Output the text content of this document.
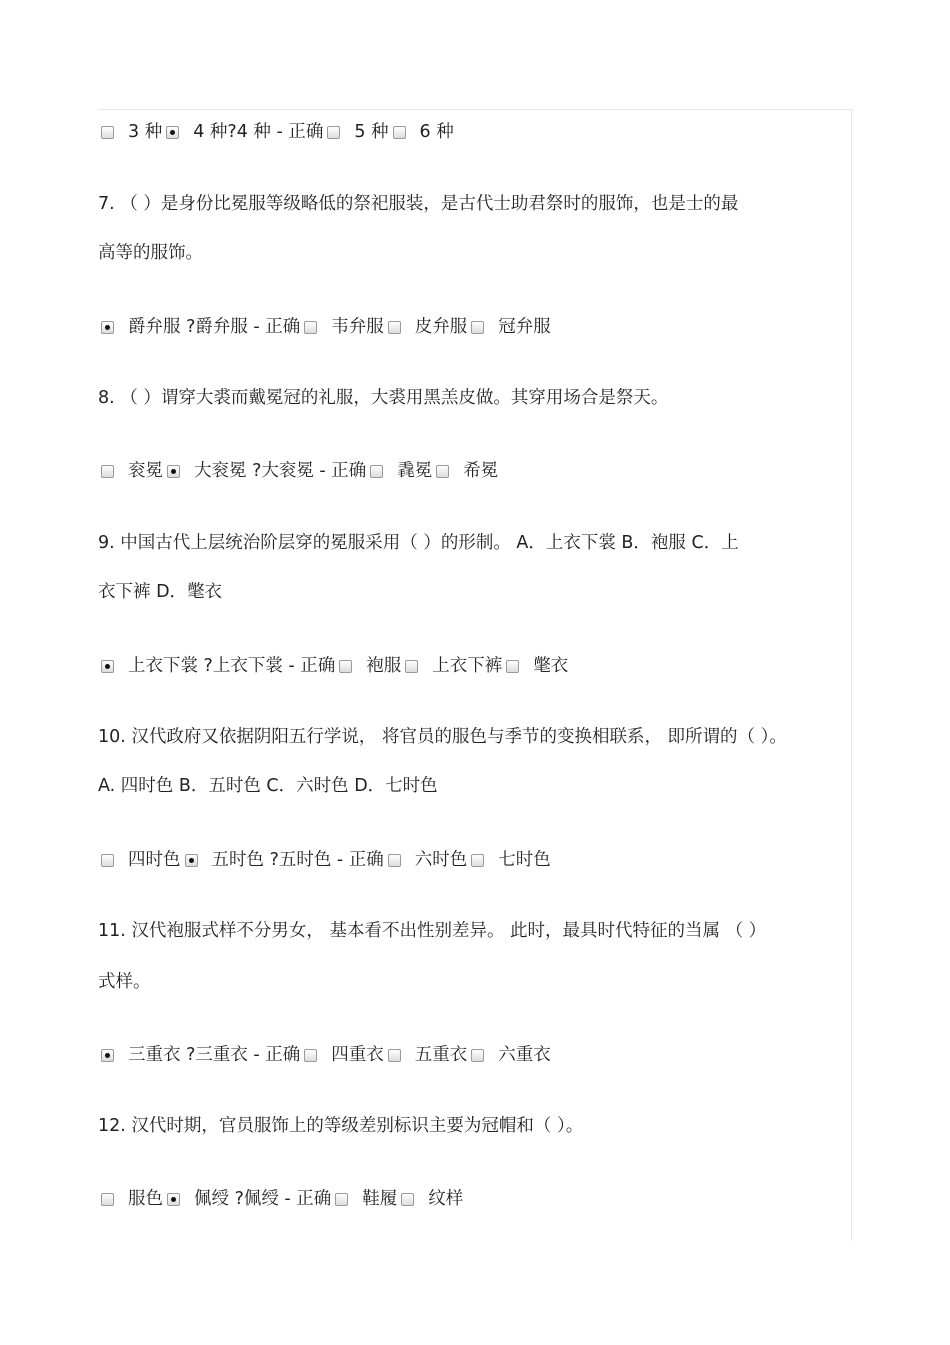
3 种 4 种?4 种 - 正确 5 种 6 种
7. （ ）是身份比冕服等级略低的祭祀服装，是古代士助君祭时的服饰，也是士的最
高等的服饰。
爵弁服 ?爵弁服 - 正确 韦弁服 皮弁服 冠弁服
8. （ ）谓穿大裘而戴冕冠的礼服，大裘用黑羔皮做。其穿用场合是祭天。
衮冕 大衮冕 ?大衮冕 - 正确 毳冕 希冕
9. 中国古代上层统治阶层穿的冕服采用（ ）的形制。 A．上衣下裳 B．袍服 C．上
衣下裤 D．氅衣
上衣下裳 ?上衣下裳 - 正确 袍服 上衣下裤 氅衣
10. 汉代政府又依据阴阳五行学说， 将官员的服色与季节的变换相联系， 即所谓的（ ）。
A. 四时色 B．五时色 C．六时色 D．七时色
四时色 五时色 ?五时色 - 正确 六时色 七时色
11. 汉代袍服式样不分男女， 基本看不出性别差异。 此时，最具时代特征的当属 （ ）
式样。
三重衣 ?三重衣 - 正确 四重衣 五重衣 六重衣
12. 汉代时期，官员服饰上的等级差别标识主要为冠帽和（ ）。
服色 佩绶 ?佩绶 - 正确 鞋履 纹样
